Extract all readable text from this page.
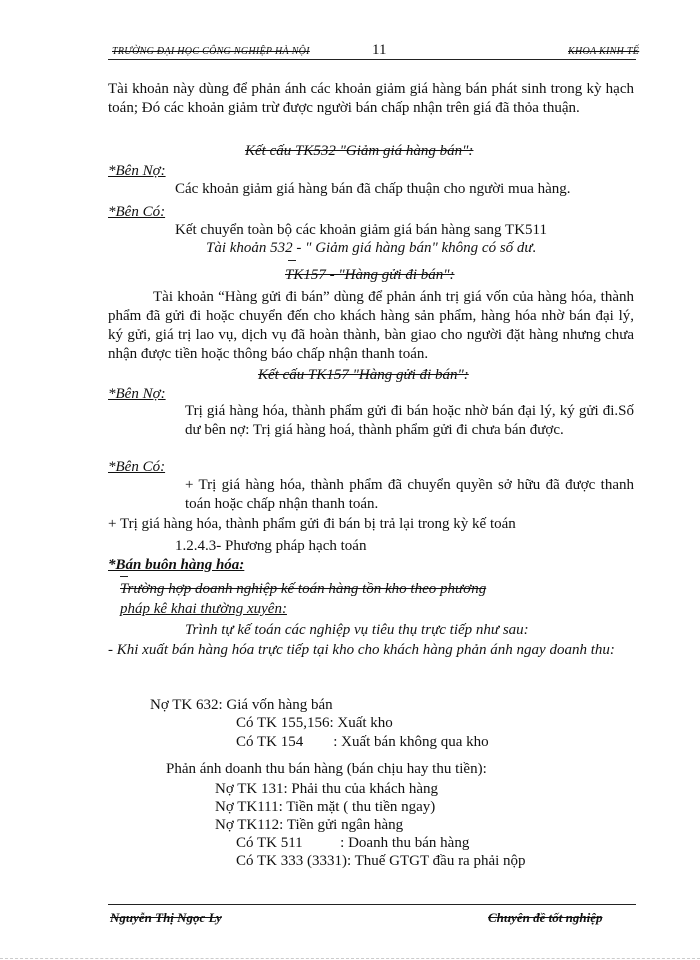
TRƯỜNG ĐẠI HỌC CÔNG NGHIỆP HÀ NỘI	11	KHOA KINH TẾ
Tài khoản này dùng để phản ánh các khoản giảm giá hàng bán phát sinh trong kỳ hạch toán; Đó các khoản giảm trừ được người bán chấp nhận trên giá đã thỏa thuận.
Kết cấu TK532 "Giảm giá hàng bán":
*Bên Nợ:
Các khoản giảm giá hàng bán đã chấp thuận cho người mua hàng.
*Bên Có:
Kết chuyển toàn bộ các khoản giảm giá bán hàng sang TK511
Tài khoản 532 - " Giảm giá hàng bán" không có số dư.
TK157 - "Hàng gửi đi bán":
Tài khoản “Hàng gửi đi bán” dùng để phản ánh trị giá vốn của hàng hóa, thành phẩm đã gửi đi hoặc chuyển đến cho khách hàng sản phẩm, hàng hóa nhờ bán đại lý, ký gửi, giá trị lao vụ, dịch vụ đã hoàn thành, bàn giao cho người đặt hàng nhưng chưa nhận được tiền hoặc thông báo chấp nhận thanh toán.
Kết cấu TK157 "Hàng gửi đi bán":
*Bên Nợ:
Trị giá hàng hóa, thành phẩm gửi đi bán hoặc nhờ bán đại lý, ký gửi đi.Số dư bên nợ: Trị giá hàng hoá, thành phẩm gửi đi chưa bán được.
*Bên Có:
+ Trị giá hàng hóa, thành phẩm đã chuyển quyền sở hữu đã được thanh toán hoặc chấp nhận thanh toán.
+ Trị giá hàng hóa, thành phẩm gửi đi bán bị trả lại trong kỳ kế toán
1.2.4.3- Phương pháp hạch toán
*Bán buôn hàng hóa:
Trường hợp doanh nghiệp kế toán hàng tồn kho theo phương
pháp kê khai thường xuyên:
Trình tự kế toán các nghiệp vụ tiêu thụ trực tiếp như sau:
- Khi xuất bán hàng hóa trực tiếp tại kho cho khách hàng phản ánh ngay doanh thu:
Nợ TK 632: Giá vốn hàng bán
Có TK 155,156: Xuất kho
Có TK 154        : Xuất bán không qua kho
Phản ánh doanh thu bán hàng (bán chịu hay thu tiền):
Nợ TK 131: Phải thu của khách hàng
Nợ TK111: Tiền mặt ( thu tiền ngay)
Nợ TK112: Tiền gửi ngân hàng
Có TK 511          : Doanh thu bán hàng
Có TK 333 (3331): Thuế GTGT đầu ra phải nộp
Nguyễn Thị Ngọc Ly	Chuyên đề tốt nghiệp
